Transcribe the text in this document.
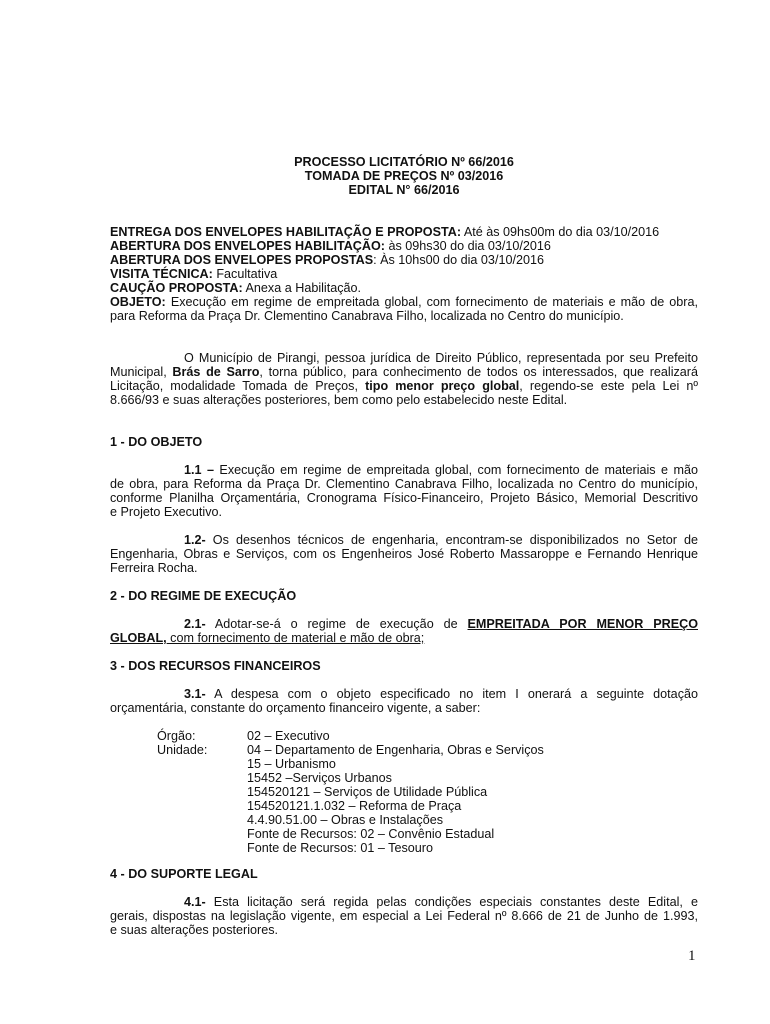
PROCESSO LICITATÓRIO Nº 66/2016
TOMADA DE PREÇOS Nº 03/2016
EDITAL N° 66/2016
ENTREGA DOS ENVELOPES HABILITAÇÃO E PROPOSTA: Até às 09hs00m do dia 03/10/2016
ABERTURA DOS ENVELOPES HABILITAÇÃO: às 09hs30 do dia 03/10/2016
ABERTURA DOS ENVELOPES PROPOSTAS: Às 10hs00 do dia 03/10/2016
VISITA TÉCNICA: Facultativa
CAUÇÃO PROPOSTA: Anexa a Habilitação.
OBJETO: Execução em regime de empreitada global, com fornecimento de materiais e mão de obra,
para Reforma da Praça Dr. Clementino Canabrava Filho, localizada no Centro do município.
O Município de Pirangi, pessoa jurídica de Direito Público, representada por seu Prefeito
Municipal, Brás de Sarro, torna público, para conhecimento de todos os interessados, que realizará
Licitação, modalidade Tomada de Preços, tipo menor preço global, regendo-se este pela Lei nº
8.666/93 e suas alterações posteriores, bem como pelo estabelecido neste Edital.
1 - DO OBJETO
1.1 – Execução em regime de empreitada global, com fornecimento de materiais e mão
de obra, para Reforma da Praça Dr. Clementino Canabrava Filho, localizada no Centro do município,
conforme Planilha Orçamentária, Cronograma Físico-Financeiro, Projeto Básico, Memorial Descritivo
e Projeto Executivo.
1.2- Os desenhos técnicos de engenharia, encontram-se disponibilizados no Setor de
Engenharia, Obras e Serviços, com os Engenheiros José Roberto Massaroppe e Fernando Henrique
Ferreira Rocha.
2 - DO REGIME DE EXECUÇÃO
2.1- Adotar-se-á o regime de execução de EMPREITADA POR MENOR PREÇO
GLOBAL, com fornecimento de material e mão de obra;
3 - DOS RECURSOS FINANCEIROS
3.1- A despesa com o objeto especificado no item I onerará a seguinte dotação
orçamentária, constante do orçamento financeiro vigente, a saber:
Órgão:
Unidade:
02 – Executivo
04 – Departamento de Engenharia, Obras e Serviços
15 – Urbanismo
15452 –Serviços Urbanos
154520121 – Serviços de Utilidade Pública
154520121.1.032 – Reforma de Praça
4.4.90.51.00 – Obras e Instalações
Fonte de Recursos: 02 – Convênio Estadual
Fonte de Recursos: 01 – Tesouro
4 - DO SUPORTE LEGAL
4.1- Esta licitação será regida pelas condições especiais constantes deste Edital, e
gerais, dispostas na legislação vigente, em especial a Lei Federal nº 8.666 de 21 de Junho de 1.993,
e suas alterações posteriores.
1
